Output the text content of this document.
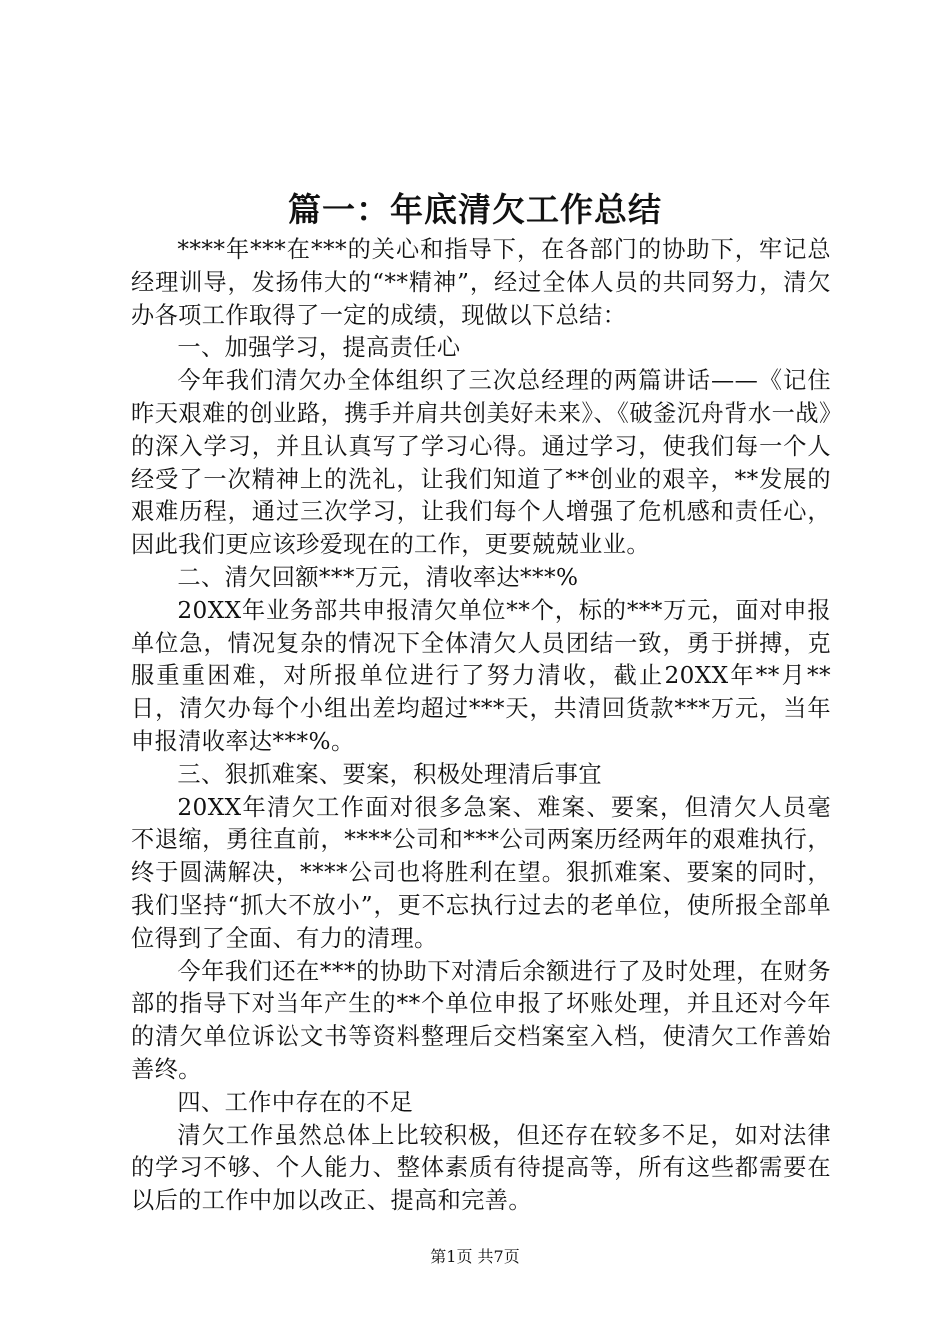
篇一：年底清欠工作总结

****年***在***的关心和指导下，在各部门的协助下，牢记总经理训导，发扬伟大的“**精神”，经过全体人员的共同努力，清欠办各项工作取得了一定的成绩，现做以下总结：

一、加强学习，提高责任心

今年我们清欠办全体组织了三次总经理的两篇讲话——《记住昨天艰难的创业路，携手并肩共创美好未来》、《破釜沉舟背水一战》的深入学习，并且认真写了学习心得。通过学习，使我们每一个人经受了一次精神上的洗礼，让我们知道了**创业的艰辛，**发展的艰难历程，通过三次学习，让我们每个人增强了危机感和责任心，因此我们更应该珍爱现在的工作，更要兢兢业业。

二、清欠回额***万元，清收率达***%

20XX年业务部共申报清欠单位**个，标的***万元，面对申报单位急，情况复杂的情况下全体清欠人员团结一致，勇于拼搏，克服重重困难，对所报单位进行了努力清收，截止20XX年**月**日，清欠办每个小组出差均超过***天，共清回货款***万元，当年申报清收率达***%。

三、狠抓难案、要案，积极处理清后事宜

20XX年清欠工作面对很多急案、难案、要案，但清欠人员毫不退缩，勇往直前，****公司和***公司两案历经两年的艰难执行，终于圆满解决，****公司也将胜利在望。狠抓难案、要案的同时，我们坚持“抓大不放小”，更不忘执行过去的老单位，使所报全部单位得到了全面、有力的清理。

今年我们还在***的协助下对清后余额进行了及时处理，在财务部的指导下对当年产生的**个单位申报了坏账处理，并且还对今年的清欠单位诉讼文书等资料整理后交档案室入档，使清欠工作善始善终。

四、工作中存在的不足

清欠工作虽然总体上比较积极，但还存在较多不足，如对法律的学习不够、个人能力、整体素质有待提高等，所有这些都需要在以后的工作中加以改正、提高和完善。

第1页 共7页
